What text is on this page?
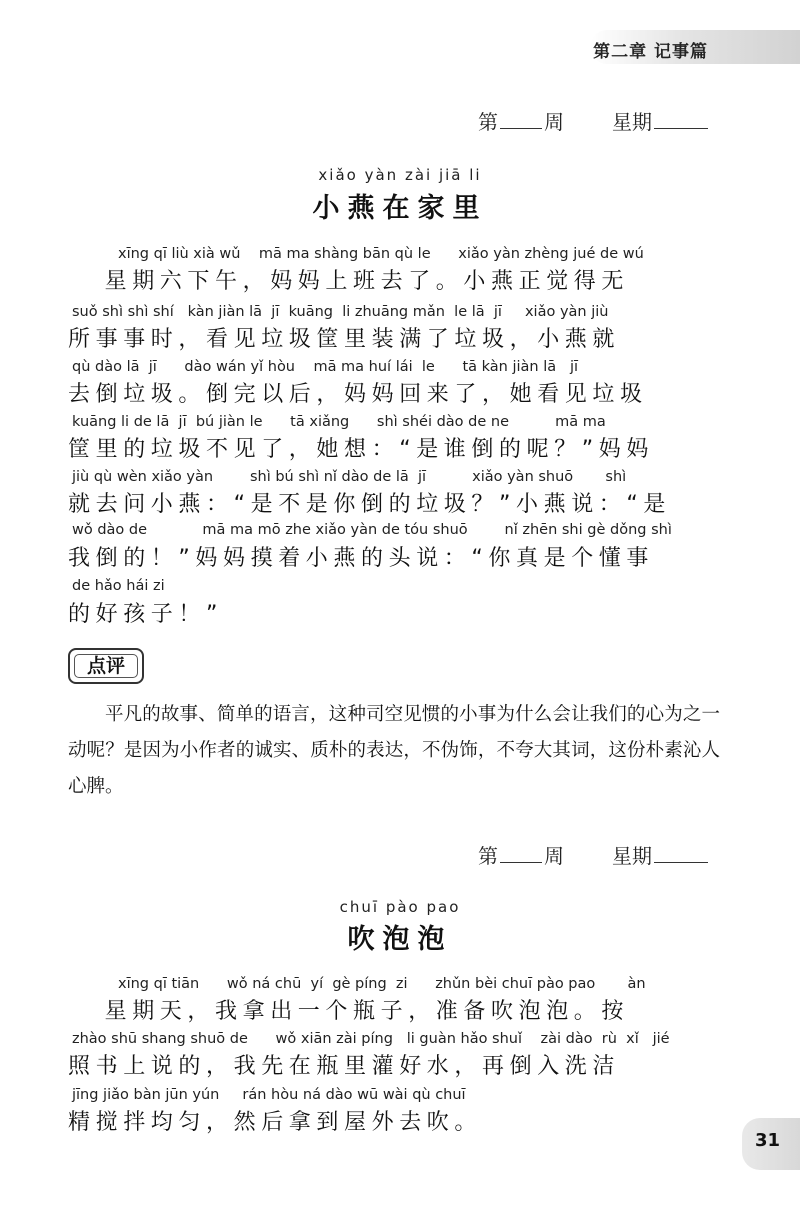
第二章 记事篇
第 周 星期
xiǎo yàn zài jiā li
小燕在家里
xīng qī liù xià wǔ    mā ma shàng bān qù le      xiǎo yàn zhèng jué de wú
星期六下午，妈妈上班去了。小燕正觉得无
suǒ shì shì shí   kàn jiàn lā  jī  kuāng  li zhuāng mǎn  le lā  jī     xiǎo yàn jiù
所事事时，看见垃圾筐里装满了垃圾，小燕就
qù dào lā  jī      dào wán yǐ hòu    mā ma huí lái  le      tā kàn jiàn lā   jī
去倒垃圾。倒完以后，妈妈回来了，她看见垃圾
kuāng li de lā  jī  bú jiàn le      tā xiǎng      shì shéi dào de ne          mā ma
筐里的垃圾不见了，她想：“是谁倒的呢？”妈妈
jiù qù wèn xiǎo yàn        shì bú shì nǐ dào de lā  jī          xiǎo yàn shuō       shì
就去问小燕：“是不是你倒的垃圾？”小燕说：“是
wǒ dào de            mā ma mō zhe xiǎo yàn de tóu shuō        nǐ zhēn shi gè dǒng shì
我倒的！”妈妈摸着小燕的头说：“你真是个懂事
de hǎo hái zi
的好孩子！”
点评
平凡的故事、简单的语言，这种司空见惯的小事为什么会让我们的心为之一动呢？是因为小作者的诚实、质朴的表达，不伪饰，不夸大其词，这份朴素沁人心脾。
第 周 星期
chuī pào pao
吹泡泡
xīng qī tiān      wǒ ná chū  yí  gè píng  zi      zhǔn bèi chuī pào pao       àn
星期天，我拿出一个瓶子，准备吹泡泡。按
zhào shū shang shuō de      wǒ xiān zài píng   li guàn hǎo shuǐ    zài dào  rù  xǐ   jié
照书上说的，我先在瓶里灌好水，再倒入洗洁
jīng jiǎo bàn jūn yún     rán hòu ná dào wū wài qù chuī
精搅拌均匀，然后拿到屋外去吹。
31
